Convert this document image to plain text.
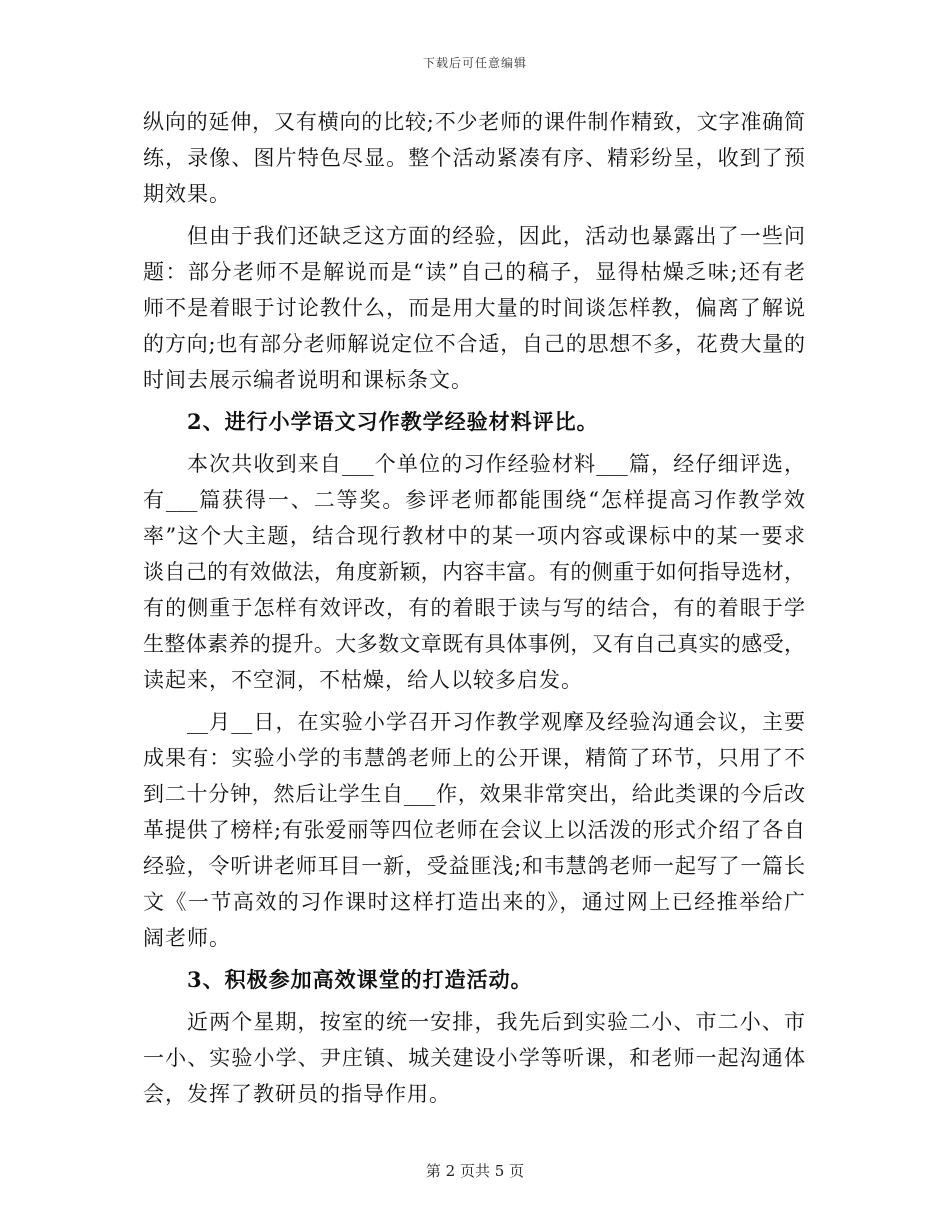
下载后可任意编辑
纵向的延伸，又有横向的比较;不少老师的课件制作精致，文字准确简
练，录像、图片特色尽显。整个活动紧凑有序、精彩纷呈，收到了预
期效果。
但由于我们还缺乏这方面的经验，因此，活动也暴露出了一些问
题：部分老师不是解说而是“读”自己的稿子，显得枯燥乏味;还有老
师不是着眼于讨论教什么，而是用大量的时间谈怎样教，偏离了解说
的方向;也有部分老师解说定位不合适，自己的思想不多，花费大量的
时间去展示编者说明和课标条文。
2、进行小学语文习作教学经验材料评比。
本次共收到来自___个单位的习作经验材料___篇，经仔细评选，
有___篇获得一、二等奖。参评老师都能围绕“怎样提高习作教学效
率”这个大主题，结合现行教材中的某一项内容或课标中的某一要求
谈自己的有效做法，角度新颖，内容丰富。有的侧重于如何指导选材，
有的侧重于怎样有效评改，有的着眼于读与写的结合，有的着眼于学
生整体素养的提升。大多数文章既有具体事例，又有自己真实的感受，
读起来，不空洞，不枯燥，给人以较多启发。
__月__日，在实验小学召开习作教学观摩及经验沟通会议，主要
成果有：实验小学的韦慧鸽老师上的公开课，精简了环节，只用了不
到二十分钟，然后让学生自___作，效果非常突出，给此类课的今后改
革提供了榜样;有张爱丽等四位老师在会议上以活泼的形式介绍了各自
经验，令听讲老师耳目一新，受益匪浅;和韦慧鸽老师一起写了一篇长
文《一节高效的习作课时这样打造出来的》，通过网上已经推举给广
阔老师。
3、积极参加高效课堂的打造活动。
近两个星期，按室的统一安排，我先后到实验二小、市二小、市
一小、实验小学、尹庄镇、城关建设小学等听课，和老师一起沟通体
会，发挥了教研员的指导作用。
第 2 页共 5 页
